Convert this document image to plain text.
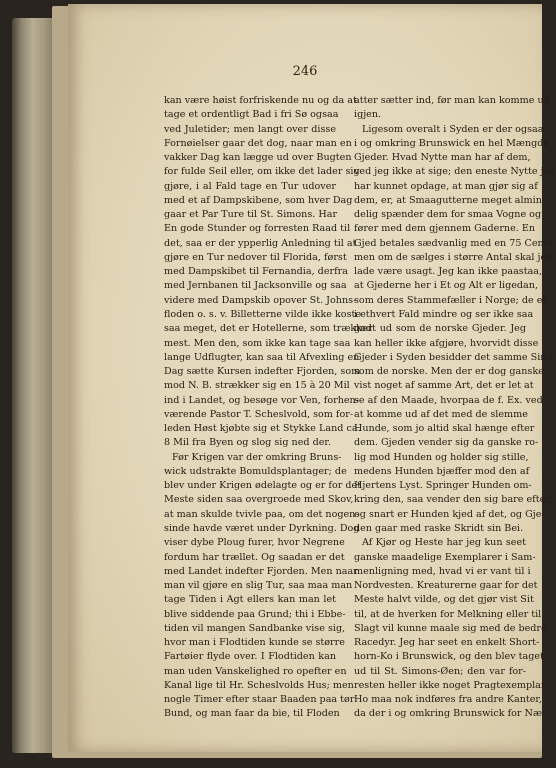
246
kan være høist forfriskende nu og da at
tage et ordentligt Bad i fri Sø ogsaa
ved Juletider; men langt over disse
Fornøielser gaar det dog, naar man en
vakker Dag kan lægge ud over Bugten
for fulde Seil eller, om ikke det lader sig
gjøre, i al Fald tage en Tur udover
med et af Dampskibene, som hver Dag
gaar et Par Ture til St. Simons. Har
En gode Stunder og forresten Raad til
det, saa er der ypperlig Anledning til at
gjøre en Tur nedover til Florida, først
med Dampskibet til Fernandia, derfra
med Jernbanen til Jacksonville og saa
videre med Dampskib opover St. Johns-
floden o. s. v. Billetterne vilde ikke koste
saa meget, det er Hotellerne, som trækker
mest. Men den, som ikke kan tage saa
lange Udflugter, kan saa til Afvexling en
Dag sætte Kursen indefter Fjorden, som
mod N. B. strækker sig en 15 à 20 Mil
ind i Landet, og besøge vor Ven, forhen-
værende Pastor T. Scheslvold, som for-
leden Høst kjøbte sig et Stykke Land ca.
8 Mil fra Byen og slog sig ned der.
Før Krigen var der omkring Bruns-
wick udstrakte Bomuldsplantager; de
blev under Krigen ødelagte og er for det
Meste siden saa overgroede med Skov,
at man skulde tvivle paa, om det nogen-
sinde havde været under Dyrkning. Dog
viser dybe Ploug furer, hvor Negrene
fordum har trællet. Og saadan er det
med Landet indefter Fjorden. Men naar
man vil gjøre en slig Tur, saa maa man
tage Tiden i Agt ellers kan man let
blive siddende paa Grund; thi i Ebbe-
tiden vil mangen Sandbanke vise sig,
hvor man i Flodtiden kunde se større
Fartøier flyde over. I Flodtiden kan
man uden Vanskelighed ro opefter en
Kanal lige til Hr. Scheslvolds Hus; men
nogle Timer efter staar Baaden paa tør
Bund, og man faar da bie, til Floden
atter sætter ind, før man kan komme ud
igjen.
Ligesom overalt i Syden er der ogsaa
i og omkring Brunswick en hel Mængde
Gjeder. Hvad Nytte man har af dem,
ved jeg ikke at sige; den eneste Nytte jeg
har kunnet opdage, at man gjør sig af
dem, er, at Smaagutterne meget almin-
delig spænder dem for smaa Vogne og
fører med dem gjennem Gaderne. En
Gjed betales sædvanlig med en 75 Cents;
men om de sælges i større Antal skal jeg
lade være usagt. Jeg kan ikke paastaa,
at Gjederne her i Et og Alt er ligedan,
som deres Stammefæller i Norge; de er
i ethvert Fald mindre og ser ikke saa
godt ud som de norske Gjeder. Jeg
kan heller ikke afgjøre, hvorvidt disse
Gjeder i Syden besidder det samme Sind
som de norske. Men der er dog ganske
vist noget af samme Art, det er let at
se af den Maade, hvorpaa de f. Ex. ved
at komme ud af det med de slemme
Hunde, som jo altid skal hænge efter
dem. Gjeden vender sig da ganske ro-
lig mod Hunden og holder sig stille,
medens Hunden bjæffer mod den af
Hjertens Lyst. Springer Hunden om-
kring den, saa vender den sig bare efter,
og snart er Hunden kjed af det, og Gje-
den gaar med raske Skridt sin Bei.
Af Kjør og Heste har jeg kun seet
ganske maadelige Exemplarer i Sam-
menligning med, hvad vi er vant til i
Nordvesten. Kreaturerne gaar for det
Meste halvt vilde, og det gjør vist Sit
til, at de hverken for Melkning eller til
Slagt vil kunne maale sig med de bedre
Racedyr. Jeg har seet en enkelt Short-
horn-Ko i Brunswick, og den blev taget
ud til St. Simons-Øen; den var for-
resten heller ikke noget Pragtexemplar.
Ho maa nok indføres fra andre Kanter,
da der i og omkring Brunswick for Nær-
